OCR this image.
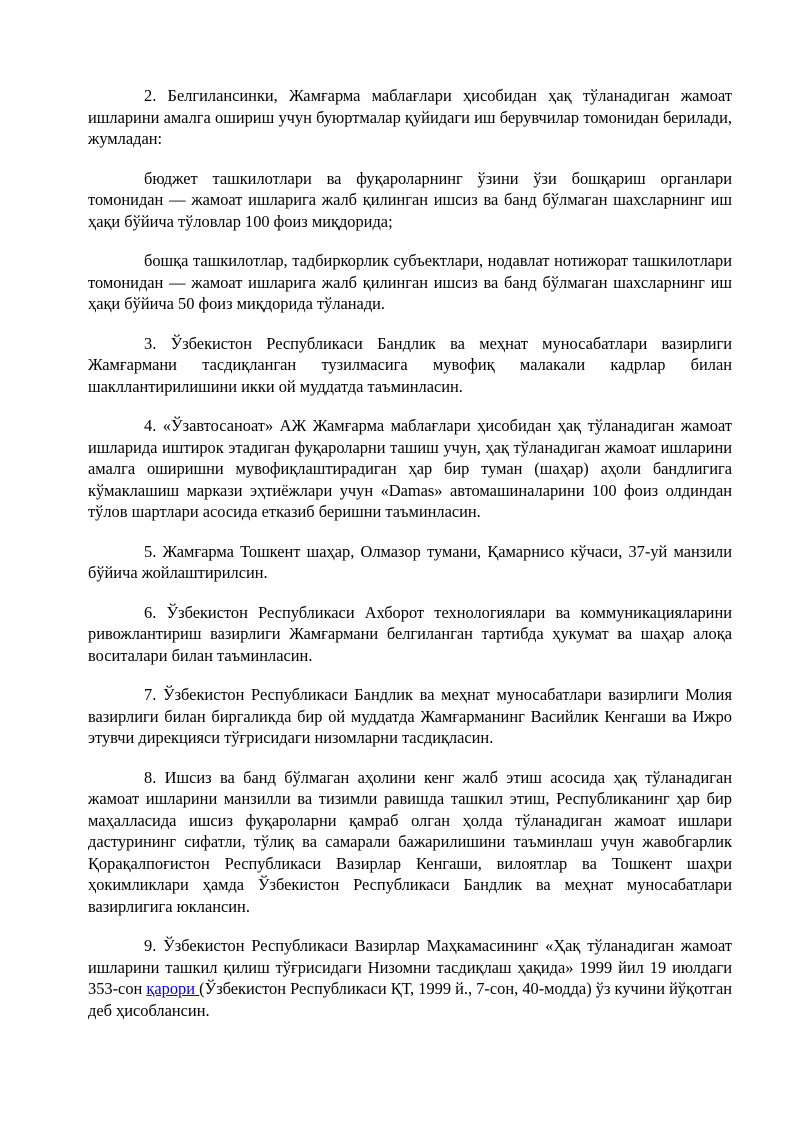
2. Белгилансинки, Жамғарма маблағлари ҳисобидан ҳақ тўланадиган жамоат ишларини амалга ошириш учун буюртмалар қуйидаги иш берувчилар томонидан берилади, жумладан:

бюджет ташкилотлари ва фуқароларнинг ўзини ўзи бошқариш органлари томонидан — жамоат ишларига жалб қилинган ишсиз ва банд бўлмаган шахсларнинг иш ҳақи бўйича тўловлар 100 фоиз миқдорида;

бошқа ташкилотлар, тадбиркорлик субъектлари, нодавлат нотижорат ташкилотлари томонидан — жамоат ишларига жалб қилинган ишсиз ва банд бўлмаган шахсларнинг иш ҳақи бўйича 50 фоиз миқдорида тўланади.

3. Ўзбекистон Республикаси Бандлик ва меҳнат муносабатлари вазирлиги Жамғармани тасдиқланган тузилмасига мувофиқ малакали кадрлар билан шакллантирилишини икки ой муддатда таъминласин.

4. «Ўзавтосаноат» АЖ Жамғарма маблағлари ҳисобидан ҳақ тўланадиган жамоат ишларида иштирок этадиган фуқароларни ташиш учун, ҳақ тўланадиган жамоат ишларини амалга оширишни мувофиқлаштирадиган ҳар бир туман (шаҳар) аҳоли бандлигига кўмаклашиш маркази эҳтиёжлари учун «Damas» автомашиналарини 100 фоиз олдиндан тўлов шартлари асосида етказиб беришни таъминласин.

5. Жамғарма Тошкент шаҳар, Олмазор тумани, Қамарнисо кўчаси, 37-уй манзили бўйича жойлаштирилсин.

6. Ўзбекистон Республикаси Ахборот технологиялари ва коммуникацияларини ривожлантириш вазирлиги Жамғармани белгиланган тартибда ҳукумат ва шаҳар алоқа воситалари билан таъминласин.

7. Ўзбекистон Республикаси Бандлик ва меҳнат муносабатлари вазирлиги Молия вазирлиги билан биргаликда бир ой муддатда Жамғарманинг Васийлик Кенгаши ва Ижро этувчи дирекцияси тўғрисидаги низомларни тасдиқласин.

8. Ишсиз ва банд бўлмаган аҳолини кенг жалб этиш асосида ҳақ тўланадиган жамоат ишларини манзилли ва тизимли равишда ташкил этиш, Республиканинг ҳар бир маҳалласида ишсиз фуқароларни қамраб олган ҳолда тўланадиган жамоат ишлари дастурининг сифатли, тўлиқ ва самарали бажарилишини таъминлаш учун жавобгарлик Қорақалпоғистон Республикаси Вазирлар Кенгаши, вилоятлар ва Тошкент шаҳри ҳокимликлари ҳамда Ўзбекистон Республикаси Бандлик ва меҳнат муносабатлари вазирлигига юклансин.

9. Ўзбекистон Республикаси Вазирлар Маҳкамасининг «Ҳақ тўланадиган жамоат ишларини ташкил қилиш тўғрисидаги Низомни тасдиқлаш ҳақида» 1999 йил 19 июлдаги 353-сон қарори (Ўзбекистон Республикаси ҚТ, 1999 й., 7-сон, 40-модда) ўз кучини йўқотган деб ҳисоблансин.
